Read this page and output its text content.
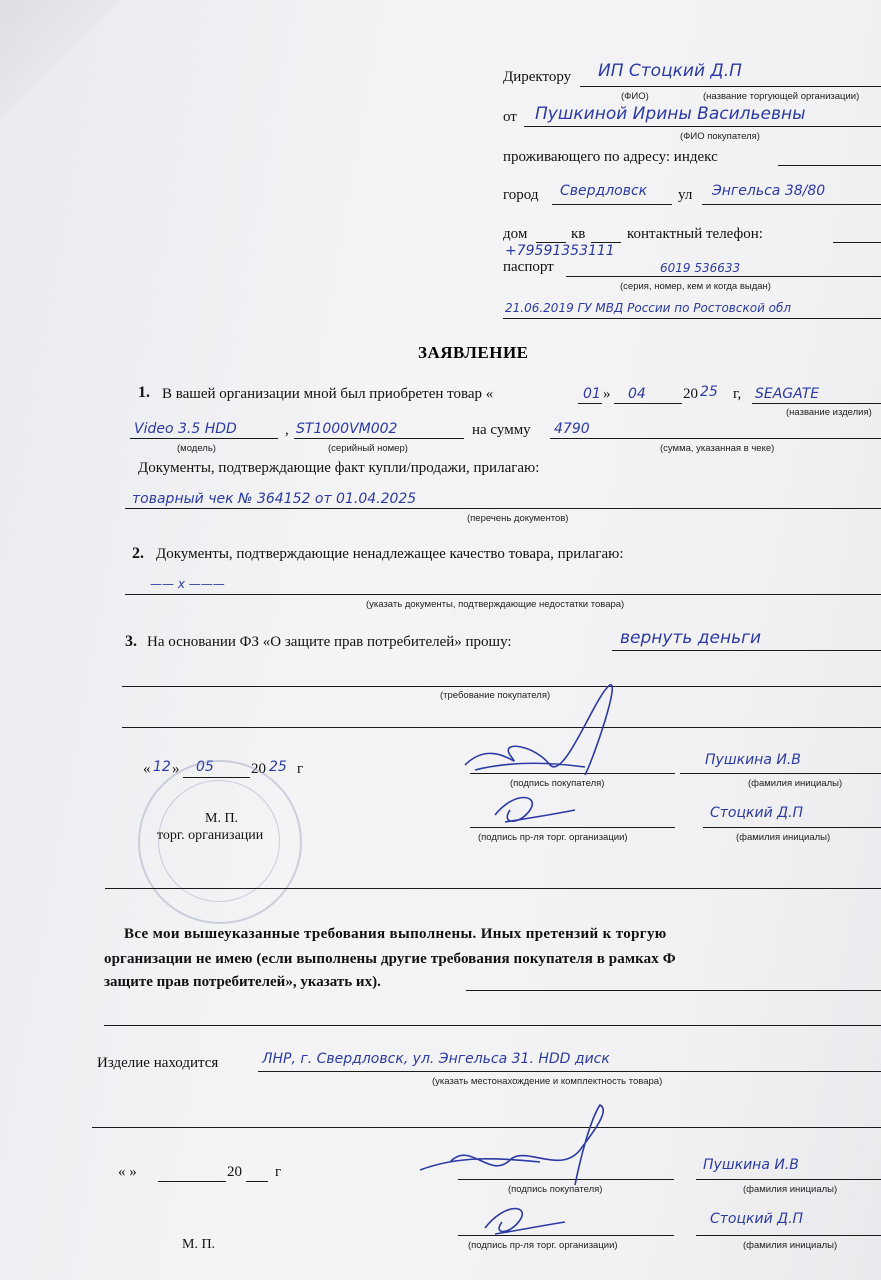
Директору ИП Стоцкий Д.П
(ФИО)	(название торгующей организации)
от Пушкиной Ирины Васильевны
(ФИО покупателя)
проживающего по адресу: индекс
город Свердловск ул Энгельса 38/80
дом	кв	контактный телефон:
+79591353111
паспорт	6019 536633
(серия, номер, кем и когда выдан)
21.06.2019 ГУ МВД России по Ростовской обл
ЗАЯВЛЕНИЕ
1. В вашей организации мной был приобретен товар «	01 » 04 20 25 г, SEAGATE
(название изделия)
Video 3.5 HDD
(модель)
, ST1000VM002
(серийный номер)
на сумму 4790
(сумма, указанная в чеке)
Документы, подтверждающие факт купли/продажи, прилагаю:
товарный чек № 364152 от 01.04.2025
(перечень документов)
2. Документы, подтверждающие ненадлежащее качество товара, прилагаю:
—— х ———
(указать документы, подтверждающие недостатки товара)
3. На основании ФЗ «О защите прав потребителей» прошу:	вернуть деньги
(требование покупателя)
« 12 » 05 20 25 г
(подпись покупателя)
Пушкина И.В
(фамилия инициалы)
(подпись пр-ля торг. организации)
Стоцкий Д.П
(фамилия инициалы)
М. П.
торг. организации
Все мои вышеуказанные требования выполнены. Иных претензий к торгую
организации не имею (если выполнены другие требования покупателя в рамках Ф
защите прав потребителей», указать их).
Изделие находится	ЛНР, г. Свердловск, ул. Энгельса 31. HDD диск
(указать местонахождение и комплектность товара)
« »	20 г
(подпись покупателя)
Пушкина И.В
(фамилия инициалы)
(подпись пр-ля торг. организации)
Стоцкий Д.П
(фамилия инициалы)
М. П.
